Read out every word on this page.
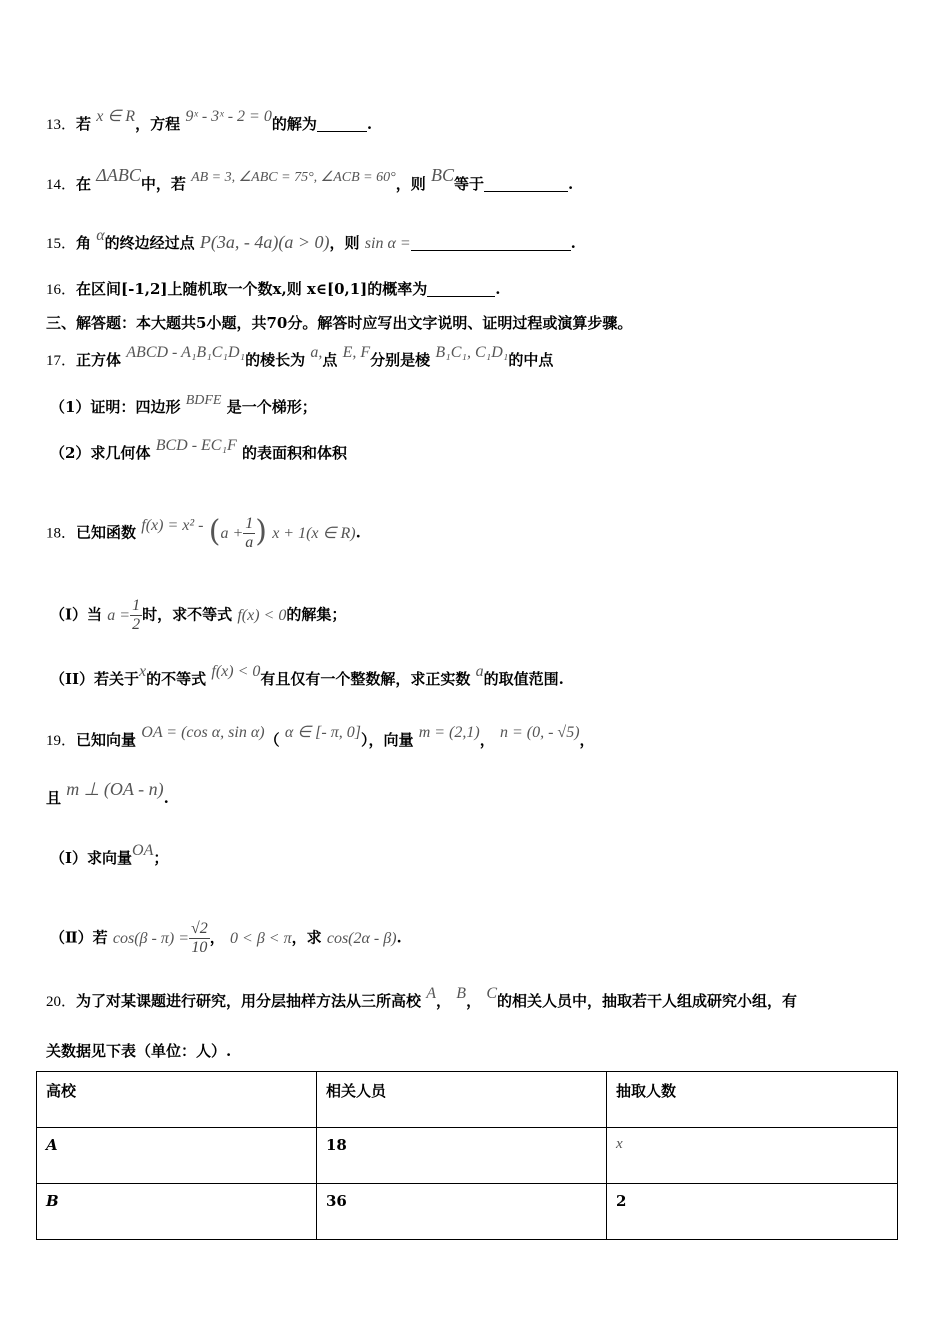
13．若 x ∈ R，方程 9ˣ - 3ˣ - 2 = 0的解为	.
14．在 ΔABC中，若 AB = 3, ∠ABC = 75°, ∠ACB = 60°，则 BC等于	.
15．角 α的终边经过点 P(3a, - 4a)(a > 0)，则 sin α =	.
16．在区间[-1,2]上随机取一个数x,则 x∈[0,1]的概率为	.
三、解答题：本大题共5小题，共70分。解答时应写出文字说明、证明过程或演算步骤。
17．正方体 ABCD - A₁B₁C₁D₁的棱长为 a,点 E, F分别是棱 B₁C₁, C₁D₁的中点
（1）证明：四边形 BDFE 是一个梯形；
（2）求几何体 BCD - EC₁F 的表面积和体积
18．已知函数 $f(x) = x^2 - (a + \frac{1}{a}$ ) x + 1(x ∈ R).
（I）当 $a = \frac{1}{2}$ 时，求不等式 f(x) < 0的解集；
（II）若关于x的不等式 f(x) < 0有且仅有一个整数解，求正实数 a的取值范围.
19．已知向量 OA = (cos α, sin α)（ α ∈ [- π, 0]），向量 m = (2,1)， n = (0, - √5)，
且 m ⊥ (OA - n).
（Ⅰ）求向量OA；
（Ⅱ）若 $\cos(\beta - \pi) = \frac{√2}{10}$ ， 0 < β < π，求 cos(2α - β).
20．为了对某课题进行研究，用分层抽样方法从三所高校 A， B， C的相关人员中，抽取若干人组成研究小组，有
关数据见下表（单位：人）.
高校	相关人员	抽取人数
A	18	x
B	36	2
